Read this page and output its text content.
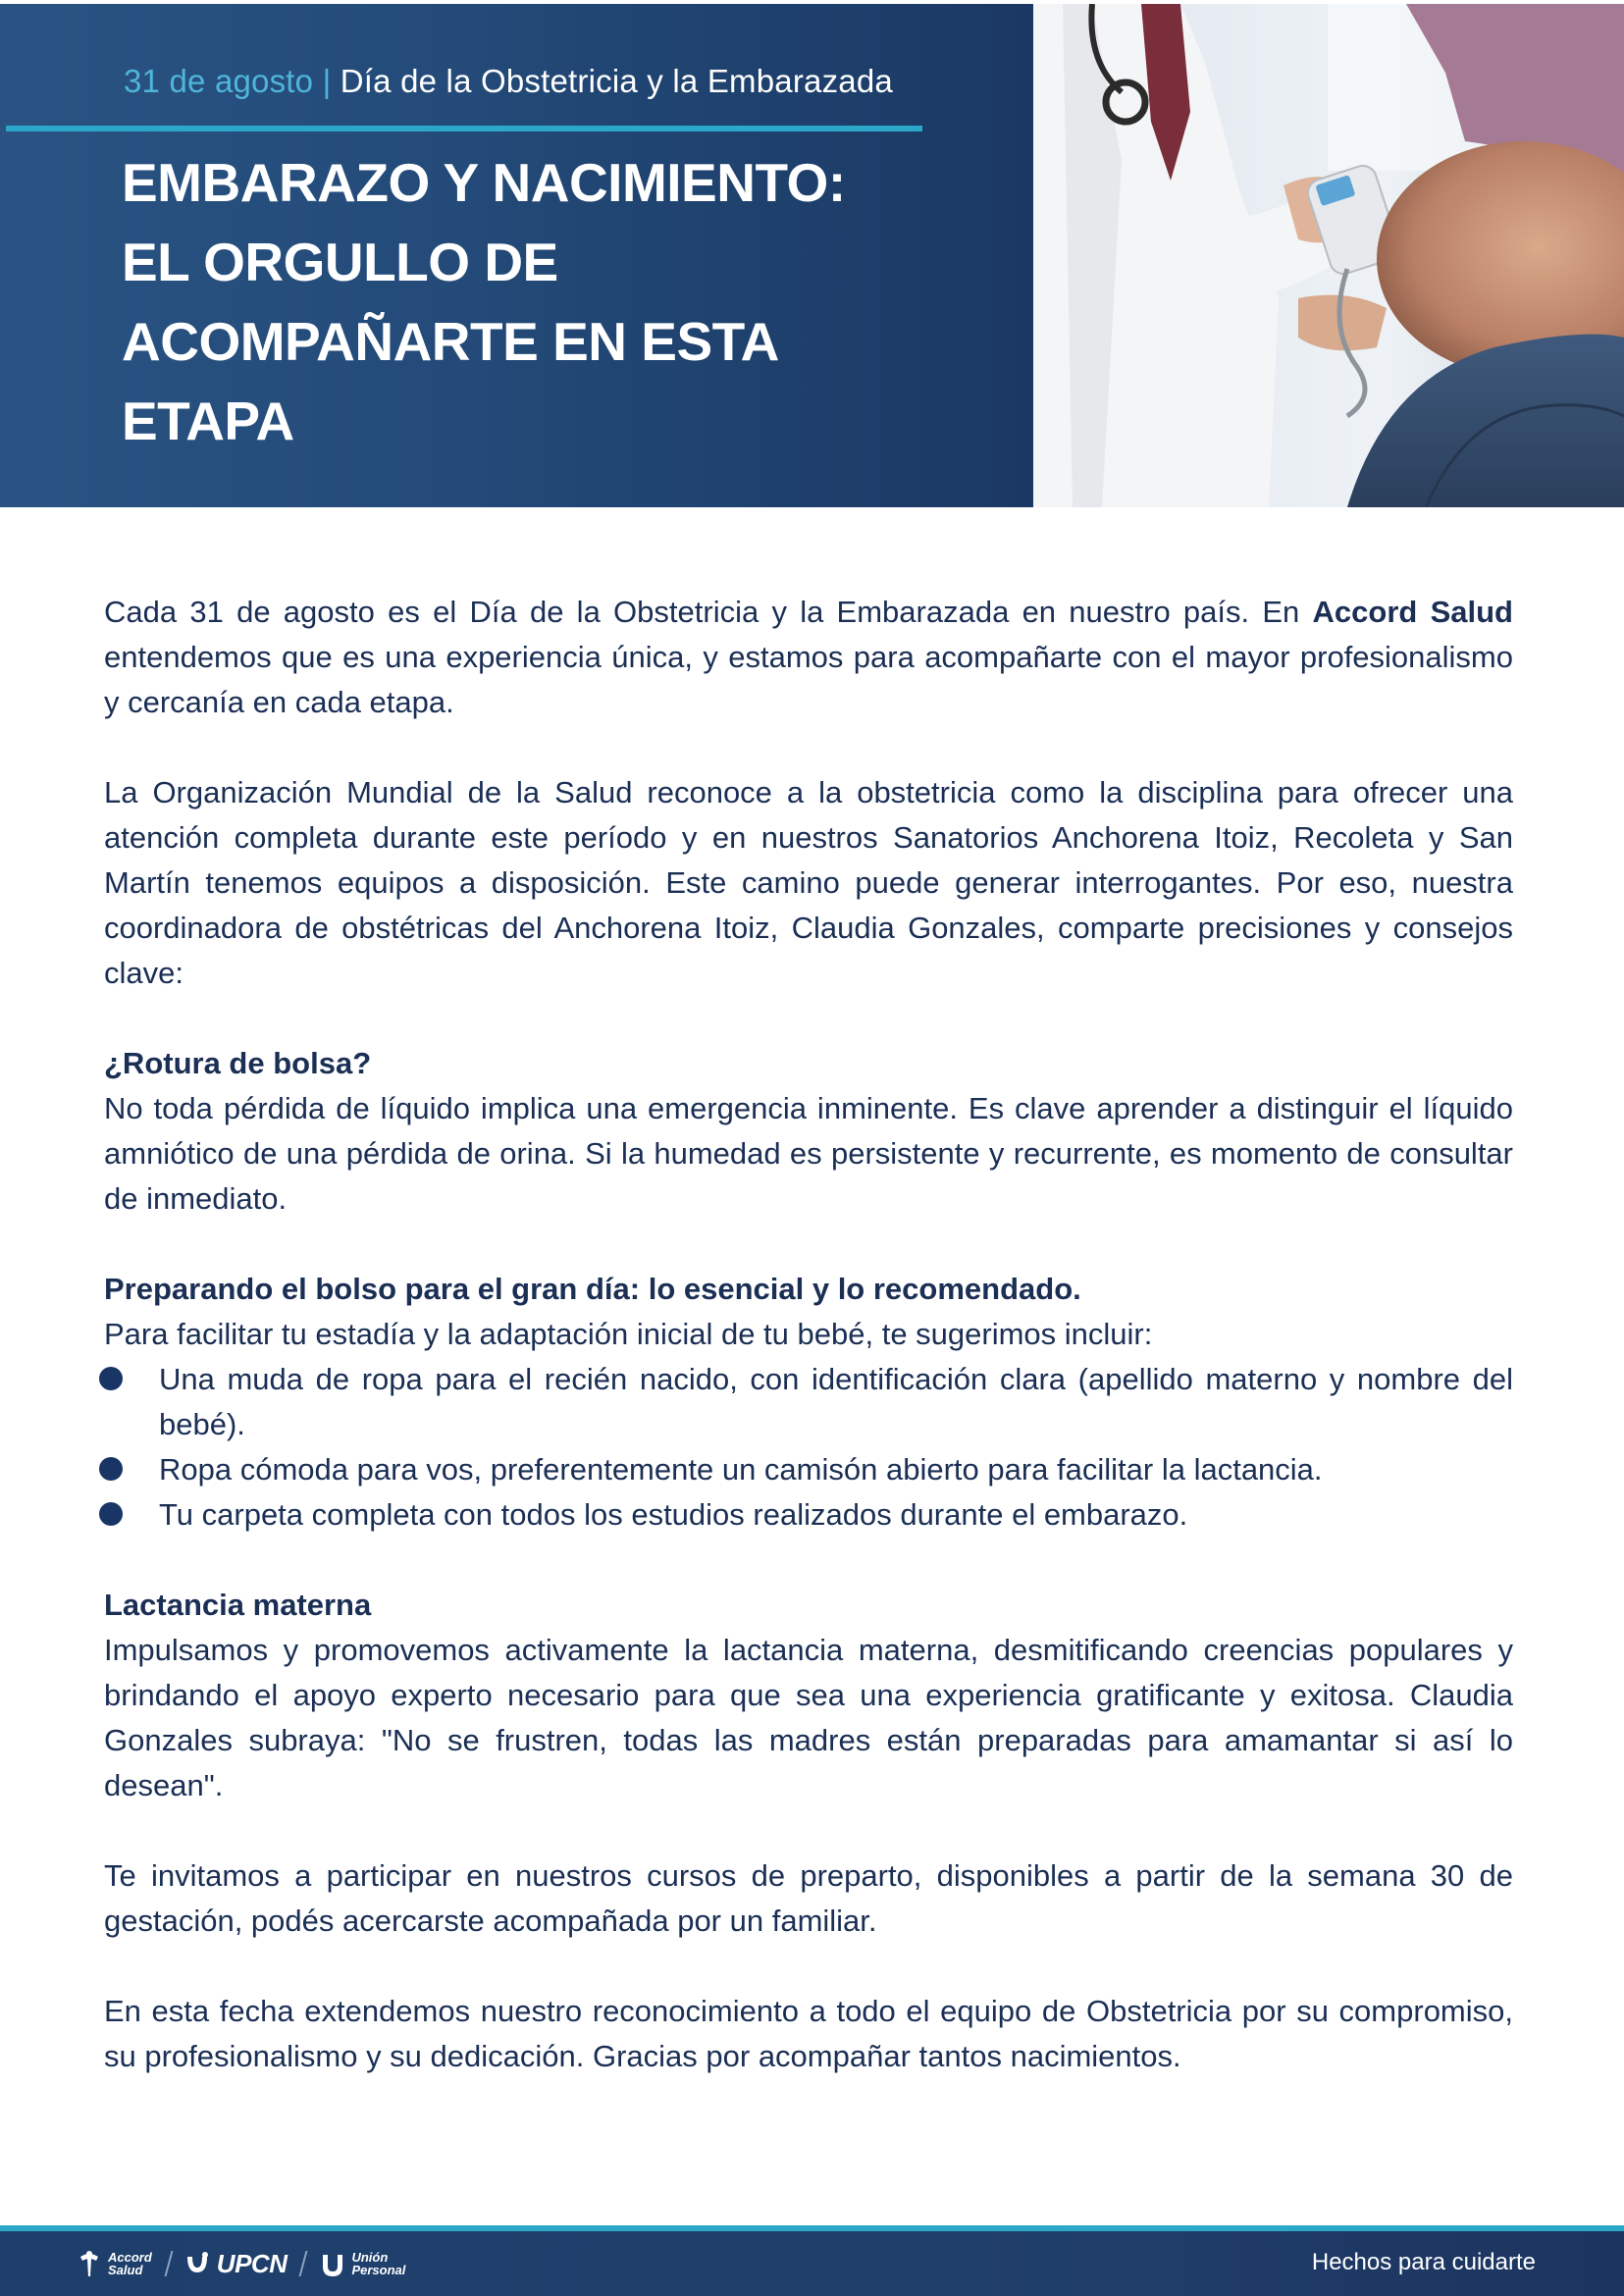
31 de agosto | Día de la Obstetricia y la Embarazada
EMBARAZO Y NACIMIENTO:
EL ORGULLO DE
ACOMPAÑARTE EN ESTA
ETAPA

Cada 31 de agosto es el Día de la Obstetricia y la Embarazada en nuestro país. En Accord Salud entendemos que es una experiencia única, y estamos para acompañarte con el mayor profesionalismo y cercanía en cada etapa.

La Organización Mundial de la Salud reconoce a la obstetricia como la disciplina para ofrecer una atención completa durante este período y en nuestros Sanatorios Anchorena Itoiz, Recoleta y San Martín tenemos equipos a disposición. Este camino puede generar interrogantes. Por eso, nuestra coordinadora de obstétricas del Anchorena Itoiz, Claudia Gonzales, comparte precisiones y consejos clave:

¿Rotura de bolsa?

No toda pérdida de líquido implica una emergencia inminente. Es clave aprender a distinguir el líquido amniótico de una pérdida de orina. Si la humedad es persistente y recurrente, es momento de consultar de inmediato.

Preparando el bolso para el gran día: lo esencial y lo recomendado.

Para facilitar tu estadía y la adaptación inicial de tu bebé, te sugerimos incluir:

Una muda de ropa para el recién nacido, con identificación clara (apellido materno y nombre del bebé).

Ropa cómoda para vos, preferentemente un camisón abierto para facilitar la lactancia.

Tu carpeta completa con todos los estudios realizados durante el embarazo.

Lactancia materna

Impulsamos y promovemos activamente la lactancia materna, desmitificando creencias populares y brindando el apoyo experto necesario para que sea una experiencia gratificante y exitosa. Claudia Gonzales subraya: "No se frustren, todas las madres están preparadas para amamantar si así lo desean".

Te invitamos a participar en nuestros cursos de preparto, disponibles a partir de la semana 30 de gestación, podés acercarste acompañada por un familiar.

En esta fecha extendemos nuestro reconocimiento a todo el equipo de Obstetricia por su compromiso, su profesionalismo y su dedicación. Gracias por acompañar tantos nacimientos.

Accord
Salud	UPCN	Unión
Personal	Hechos para cuidarte
